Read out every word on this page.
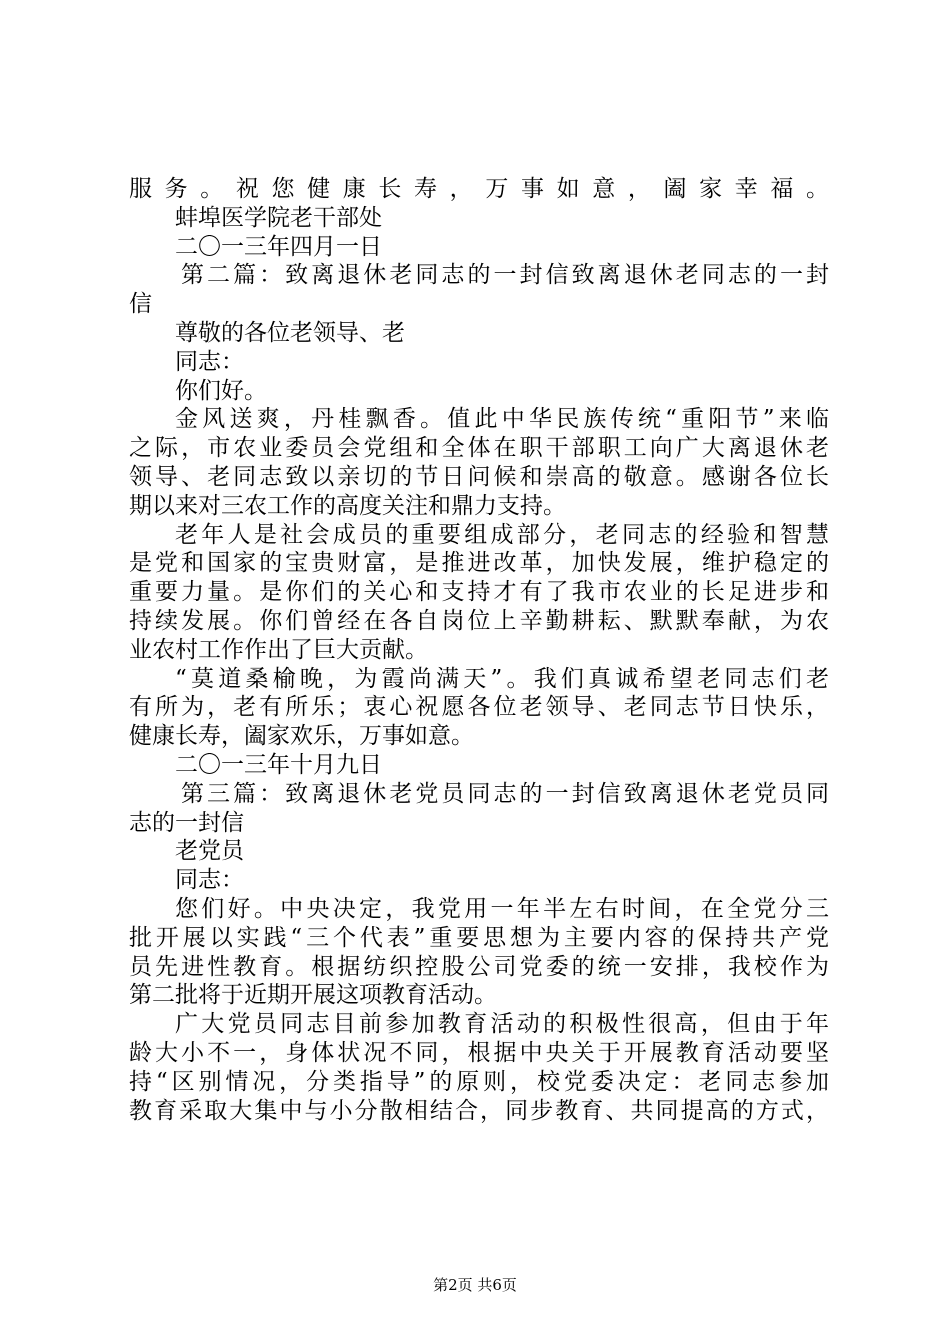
服务。祝您健康长寿，万事如意，阖家幸福。
蚌埠医学院老干部处
二〇一三年四月一日
第二篇：致离退休老同志的一封信致离退休老同志的一封
信
尊敬的各位老领导、老
同志：
你们好。
金风送爽，丹桂飘香。值此中华民族传统“重阳节”来临
之际，市农业委员会党组和全体在职干部职工向广大离退休老
领导、老同志致以亲切的节日问候和崇高的敬意。感谢各位长
期以来对三农工作的高度关注和鼎力支持。
老年人是社会成员的重要组成部分，老同志的经验和智慧
是党和国家的宝贵财富，是推进改革，加快发展，维护稳定的
重要力量。是你们的关心和支持才有了我市农业的长足进步和
持续发展。你们曾经在各自岗位上辛勤耕耘、默默奉献，为农
业农村工作作出了巨大贡献。
“莫道桑榆晚，为霞尚满天”。我们真诚希望老同志们老
有所为，老有所乐；衷心祝愿各位老领导、老同志节日快乐，
健康长寿，阖家欢乐，万事如意。
二〇一三年十月九日
第三篇：致离退休老党员同志的一封信致离退休老党员同
志的一封信
老党员
同志：
您们好。中央决定，我党用一年半左右时间，在全党分三
批开展以实践“三个代表”重要思想为主要内容的保持共产党
员先进性教育。根据纺织控股公司党委的统一安排，我校作为
第二批将于近期开展这项教育活动。
广大党员同志目前参加教育活动的积极性很高，但由于年
龄大小不一，身体状况不同，根据中央关于开展教育活动要坚
持“区别情况，分类指导”的原则，校党委决定：老同志参加
教育采取大集中与小分散相结合，同步教育、共同提高的方式，
第2页 共6页
